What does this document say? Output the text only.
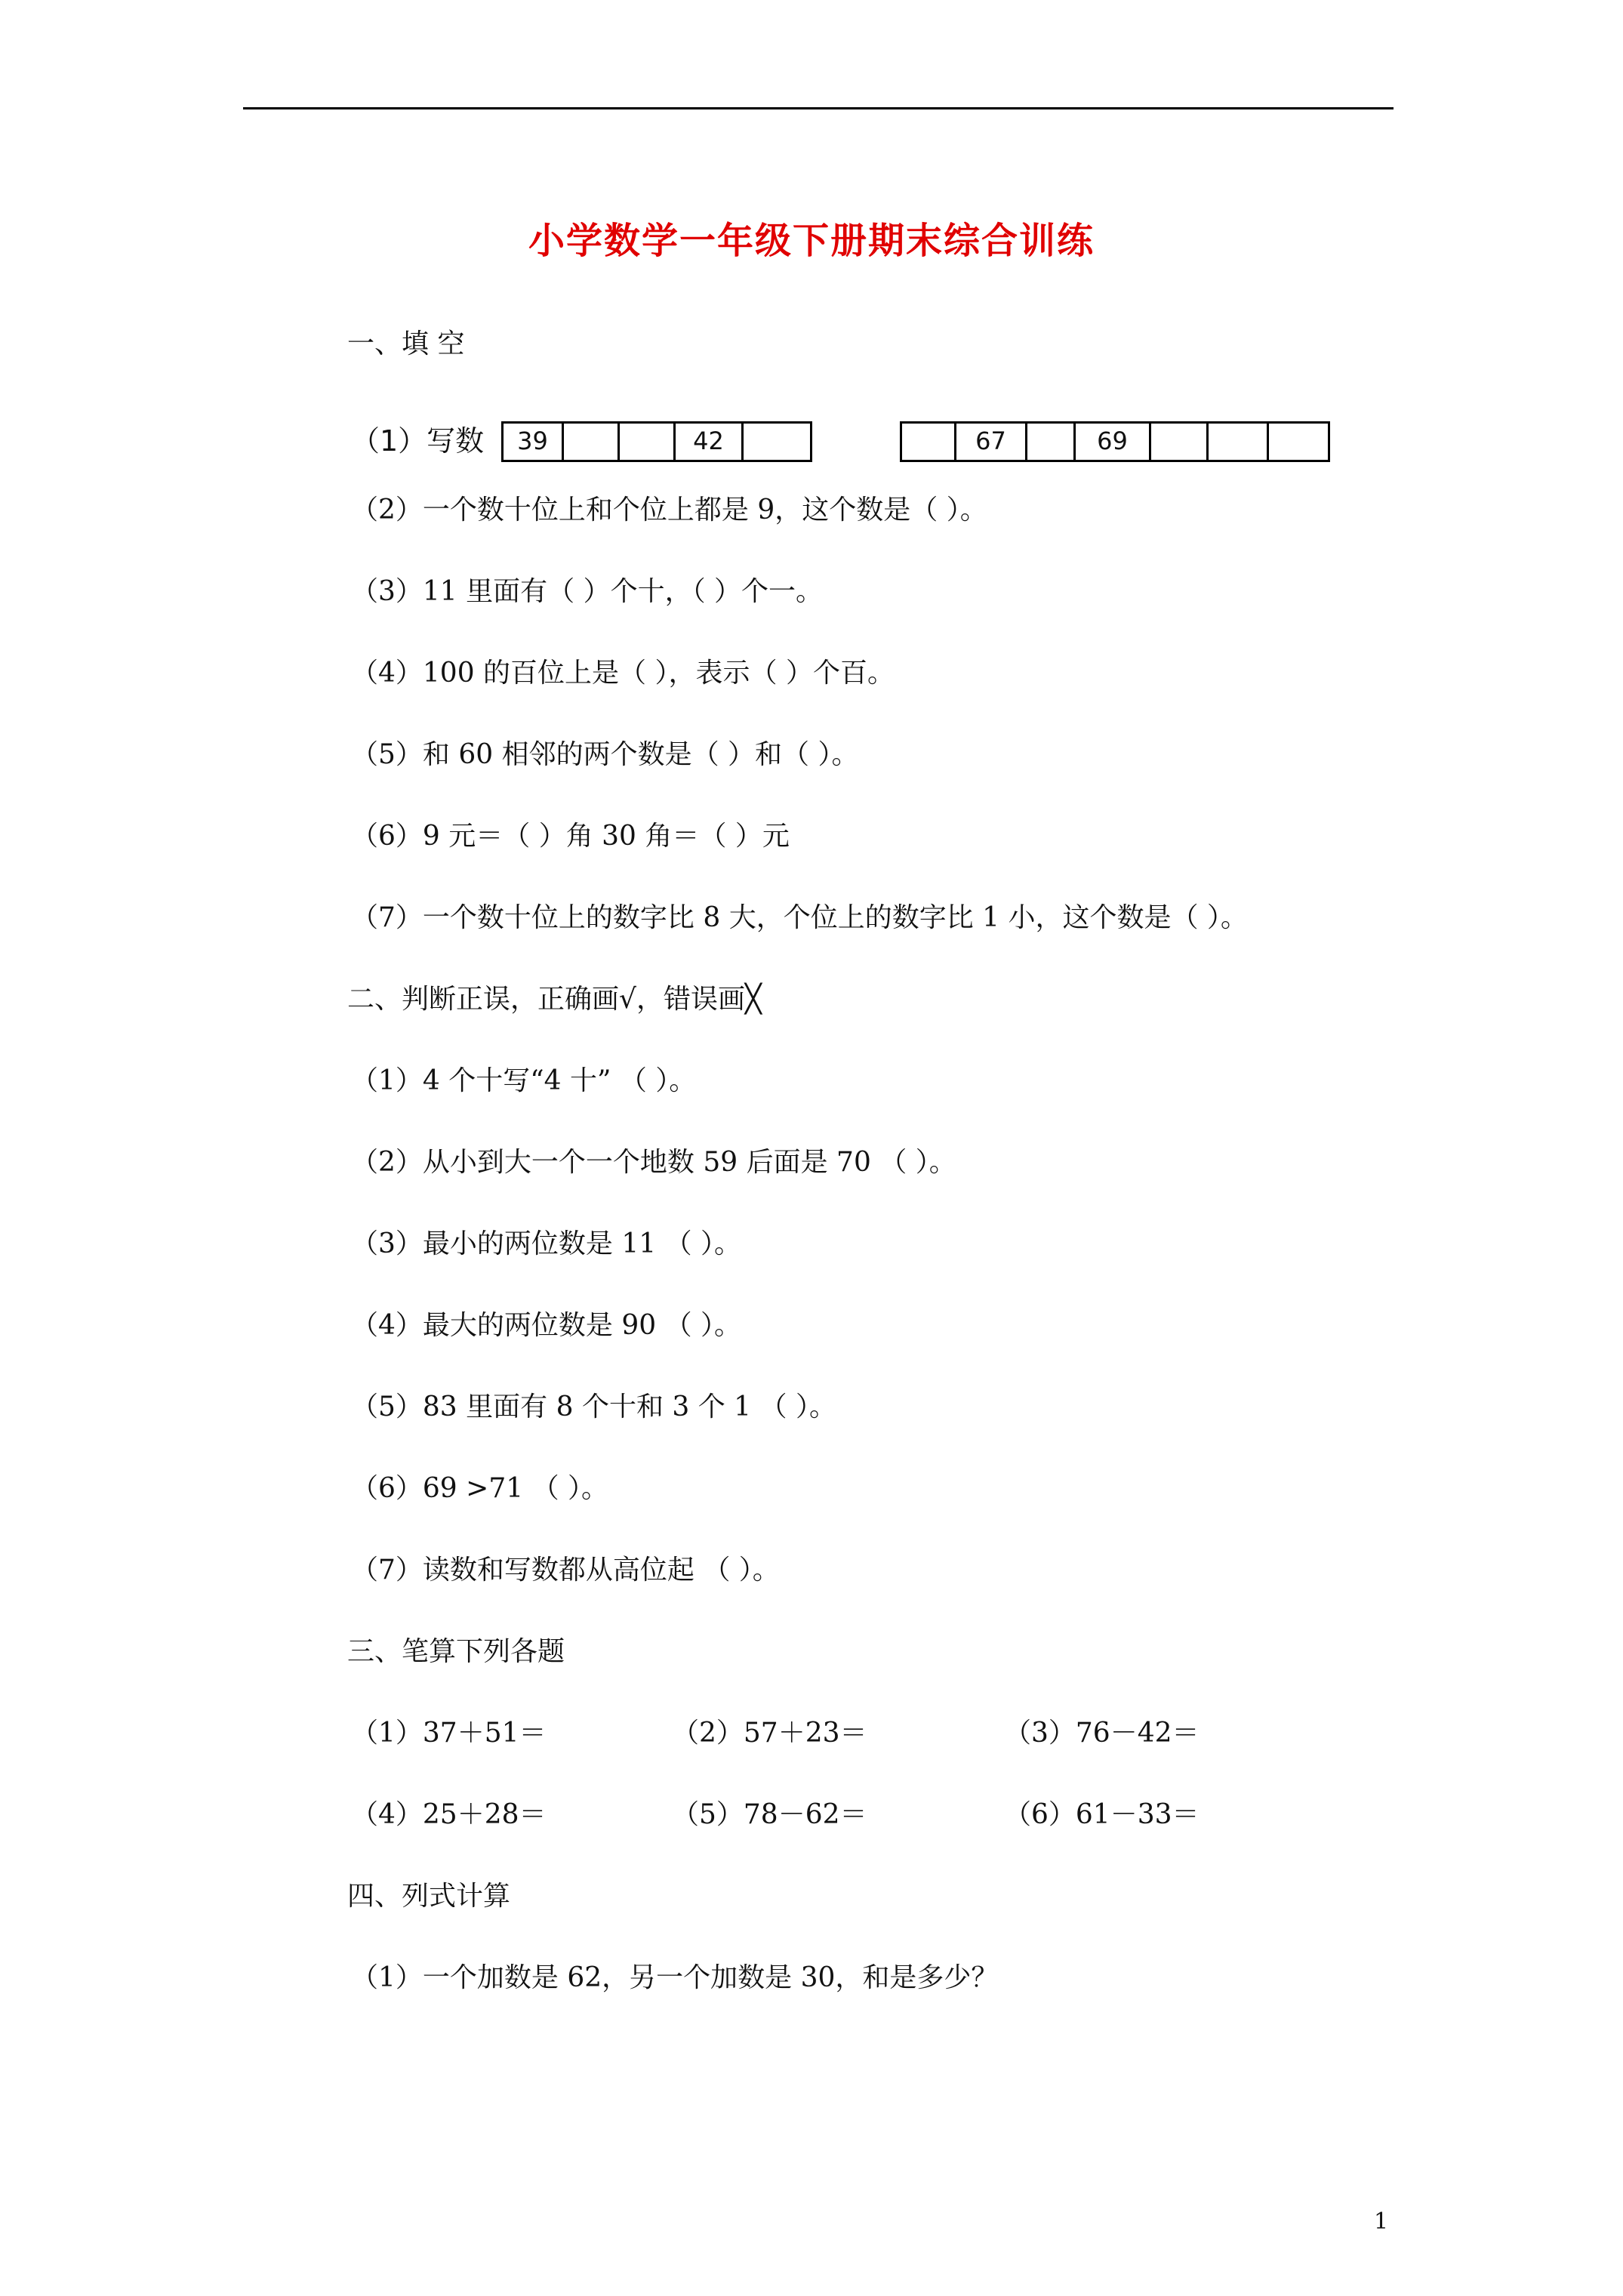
小学数学一年级下册期末综合训练
一、填 空
（1）写数	39	42	67	69
（2）一个数十位上和个位上都是 9，这个数是（ ）。
（3）11 里面有（ ）个十，（ ）个一。
（4）100 的百位上是（ ），表示（ ）个百。
（5）和 60 相邻的两个数是（ ）和（ ）。
（6）9 元＝（ ）角 30 角＝（ ）元
（7）一个数十位上的数字比 8 大，个位上的数字比 1 小，这个数是（ ）。
二、判断正误，正确画√，错误画╳
（1）4 个十写“4 十” （ ）。
（2）从小到大一个一个地数 59 后面是 70 （ ）。
（3）最小的两位数是 11 （ ）。
（4）最大的两位数是 90 （ ）。
（5）83 里面有 8 个十和 3 个 1 （ ）。
（6）69 >71 （ ）。
（7）读数和写数都从高位起 （ ）。
三、笔算下列各题
（1）37＋51＝	（2）57＋23＝	（3）76－42＝
（4）25＋28＝	（5）78－62＝	（6）61－33＝
四、列式计算
（1）一个加数是 62，另一个加数是 30，和是多少？
1
